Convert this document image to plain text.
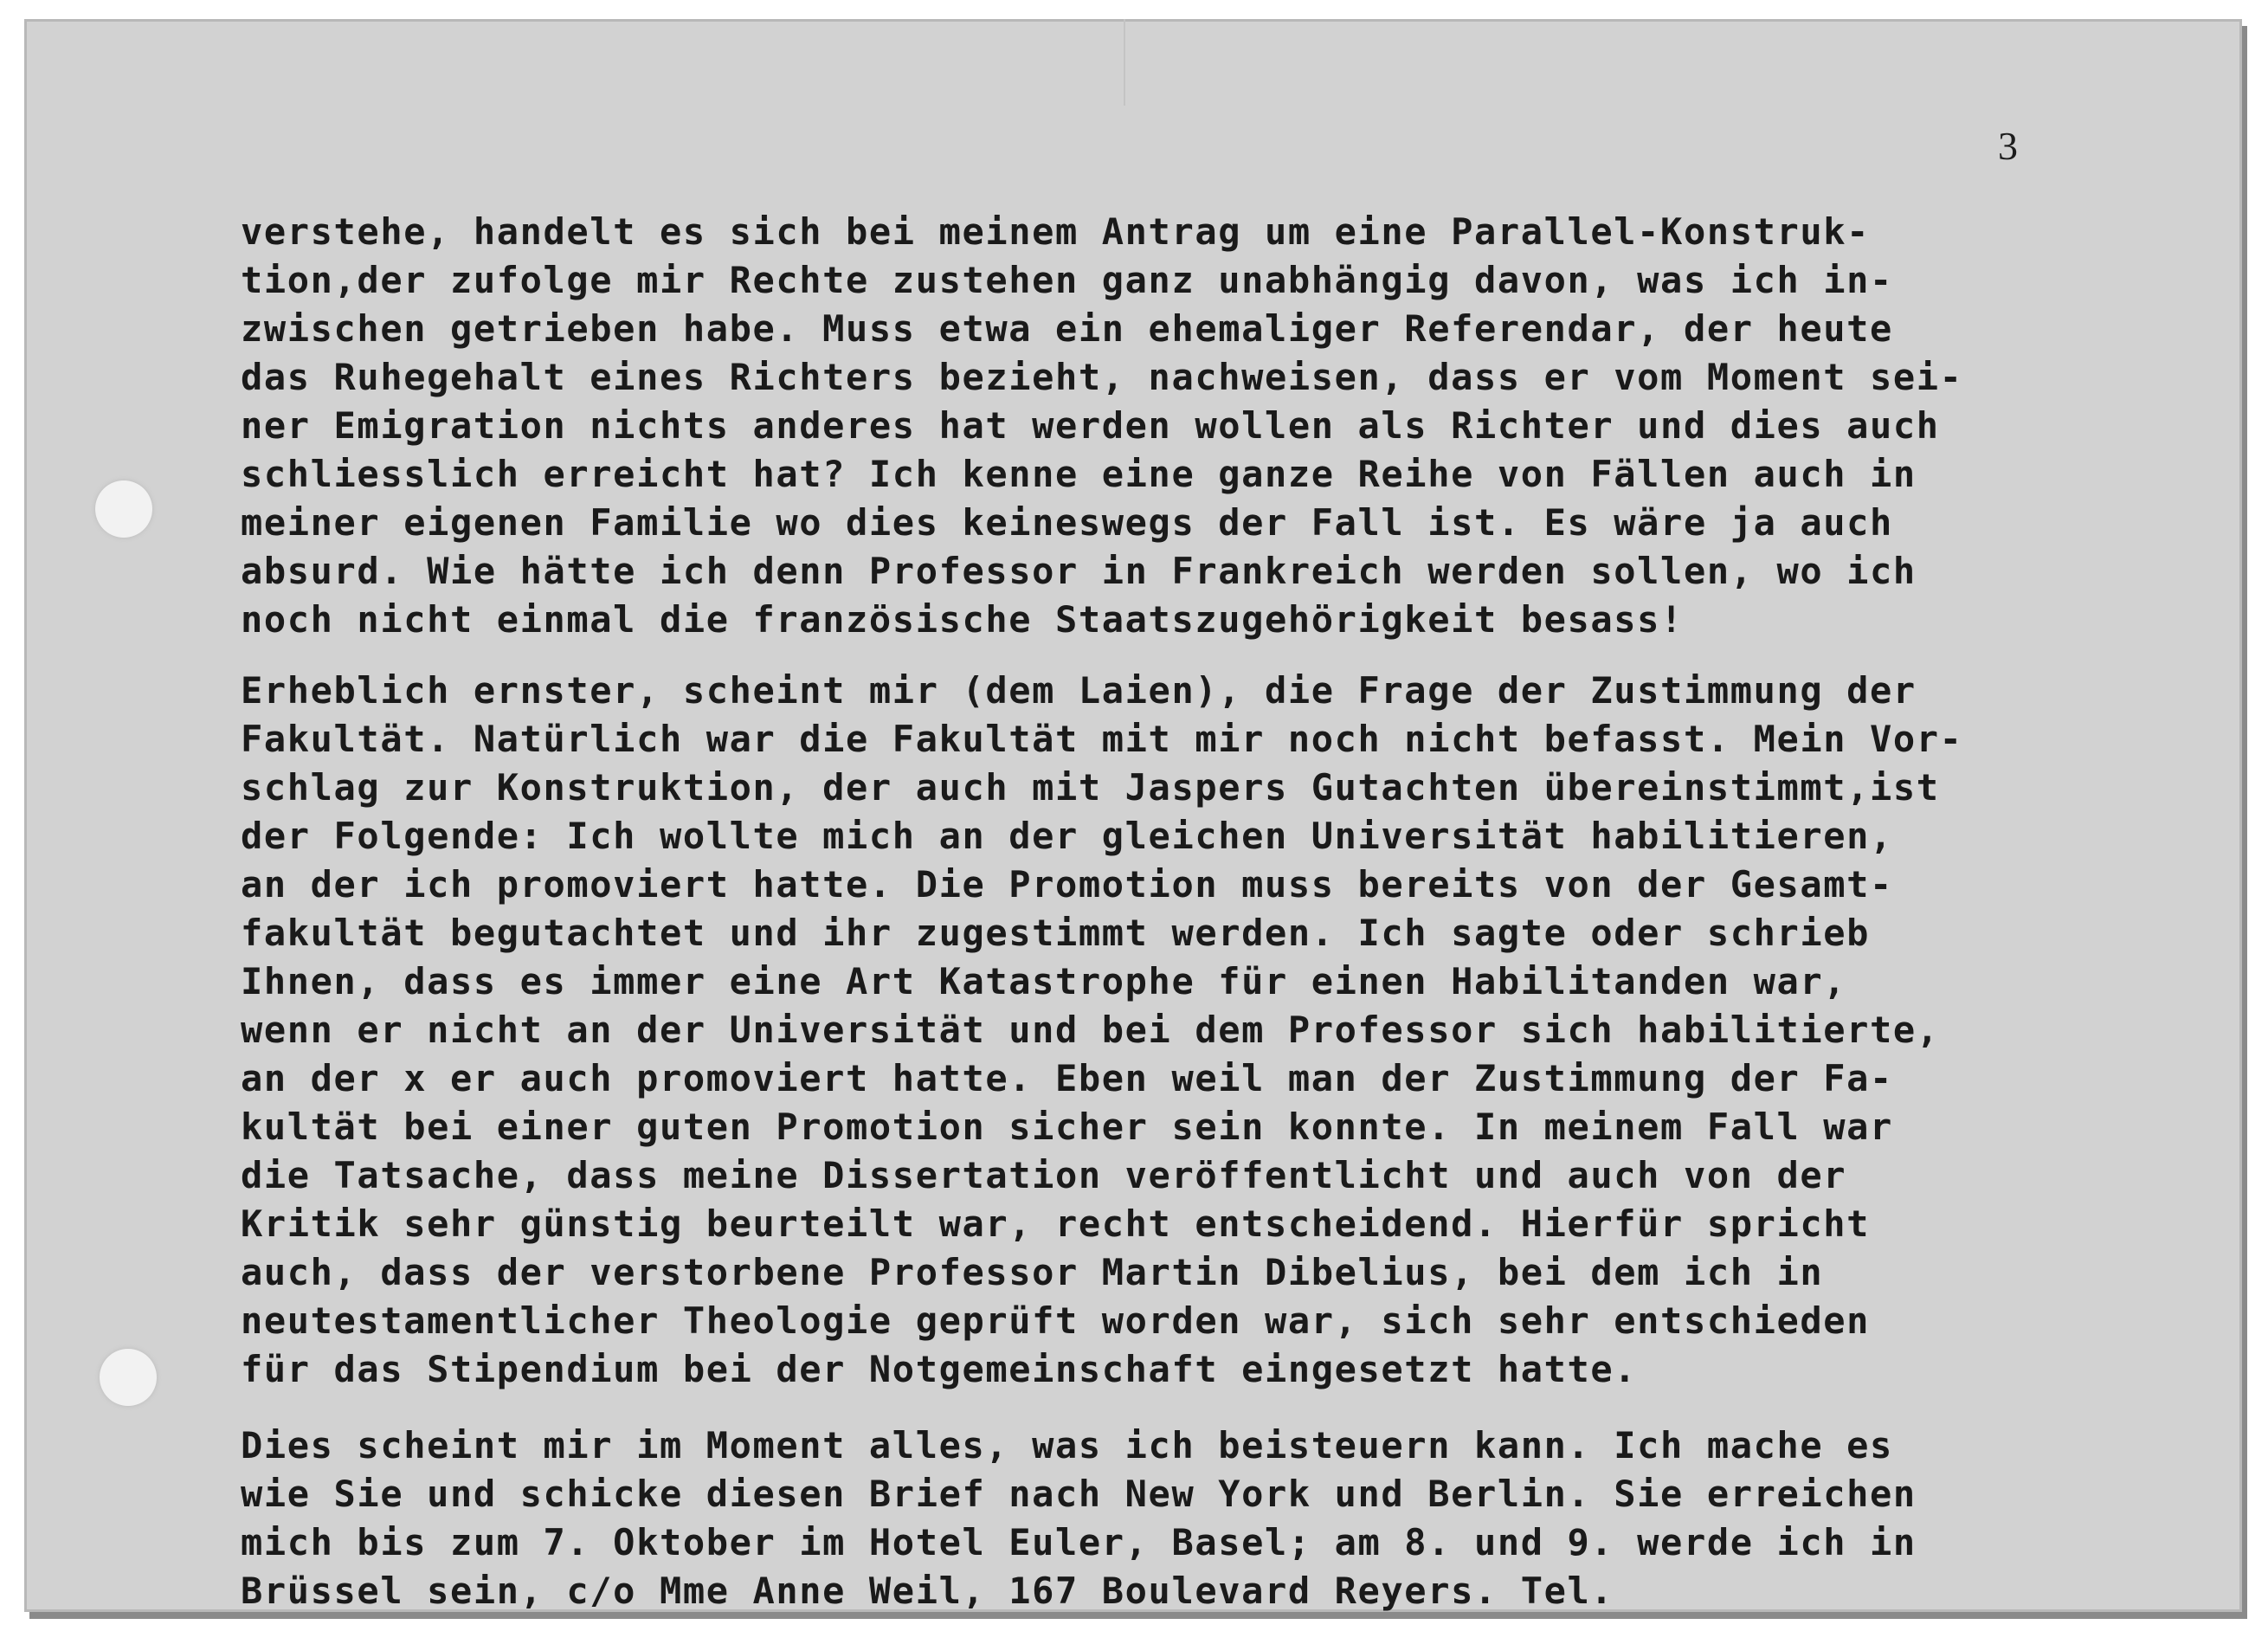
3
verstehe, handelt es sich bei meinem Antrag um eine Parallel-Konstruk-
tion,der zufolge mir Rechte zustehen ganz unabhängig davon, was ich in-
zwischen getrieben habe. Muss etwa ein ehemaliger Referendar, der heute
das Ruhegehalt eines Richters bezieht, nachweisen, dass er vom Moment sei-
ner Emigration nichts anderes hat werden wollen als Richter und dies auch
schliesslich erreicht hat? Ich kenne eine ganze Reihe von Fällen auch in
meiner eigenen Familie wo dies keineswegs der Fall ist. Es wäre ja auch
absurd. Wie hätte ich denn Professor in Frankreich werden sollen, wo ich
noch nicht einmal die französische Staatszugehörigkeit besass!
Erheblich ernster, scheint mir (dem Laien), die Frage der Zustimmung der
Fakultät. Natürlich war die Fakultät mit mir noch nicht befasst. Mein Vor-
schlag zur Konstruktion, der auch mit Jaspers Gutachten übereinstimmt,ist
der Folgende: Ich wollte mich an der gleichen Universität habilitieren,
an der ich promoviert hatte. Die Promotion muss bereits von der Gesamt-
fakultät begutachtet und ihr zugestimmt werden. Ich sagte oder schrieb
Ihnen, dass es immer eine Art Katastrophe für einen Habilitanden war,
wenn er nicht an der Universität und bei dem Professor sich habilitierte,
an der x er auch promoviert hatte. Eben weil man der Zustimmung der Fa-
kultät bei einer guten Promotion sicher sein konnte. In meinem Fall war
die Tatsache, dass meine Dissertation veröffentlicht und auch von der
Kritik sehr günstig beurteilt war, recht entscheidend. Hierfür spricht
auch, dass der verstorbene Professor Martin Dibelius, bei dem ich in
neutestamentlicher Theologie geprüft worden war, sich sehr entschieden
für das Stipendium bei der Notgemeinschaft eingesetzt hatte.
Dies scheint mir im Moment alles, was ich beisteuern kann. Ich mache es
wie Sie und schicke diesen Brief nach New York und Berlin. Sie erreichen
mich bis zum 7. Oktober im Hotel Euler, Basel; am 8. und 9. werde ich in
Brüssel sein, c/o Mme Anne Weil, 167 Boulevard Reyers. Tel.
